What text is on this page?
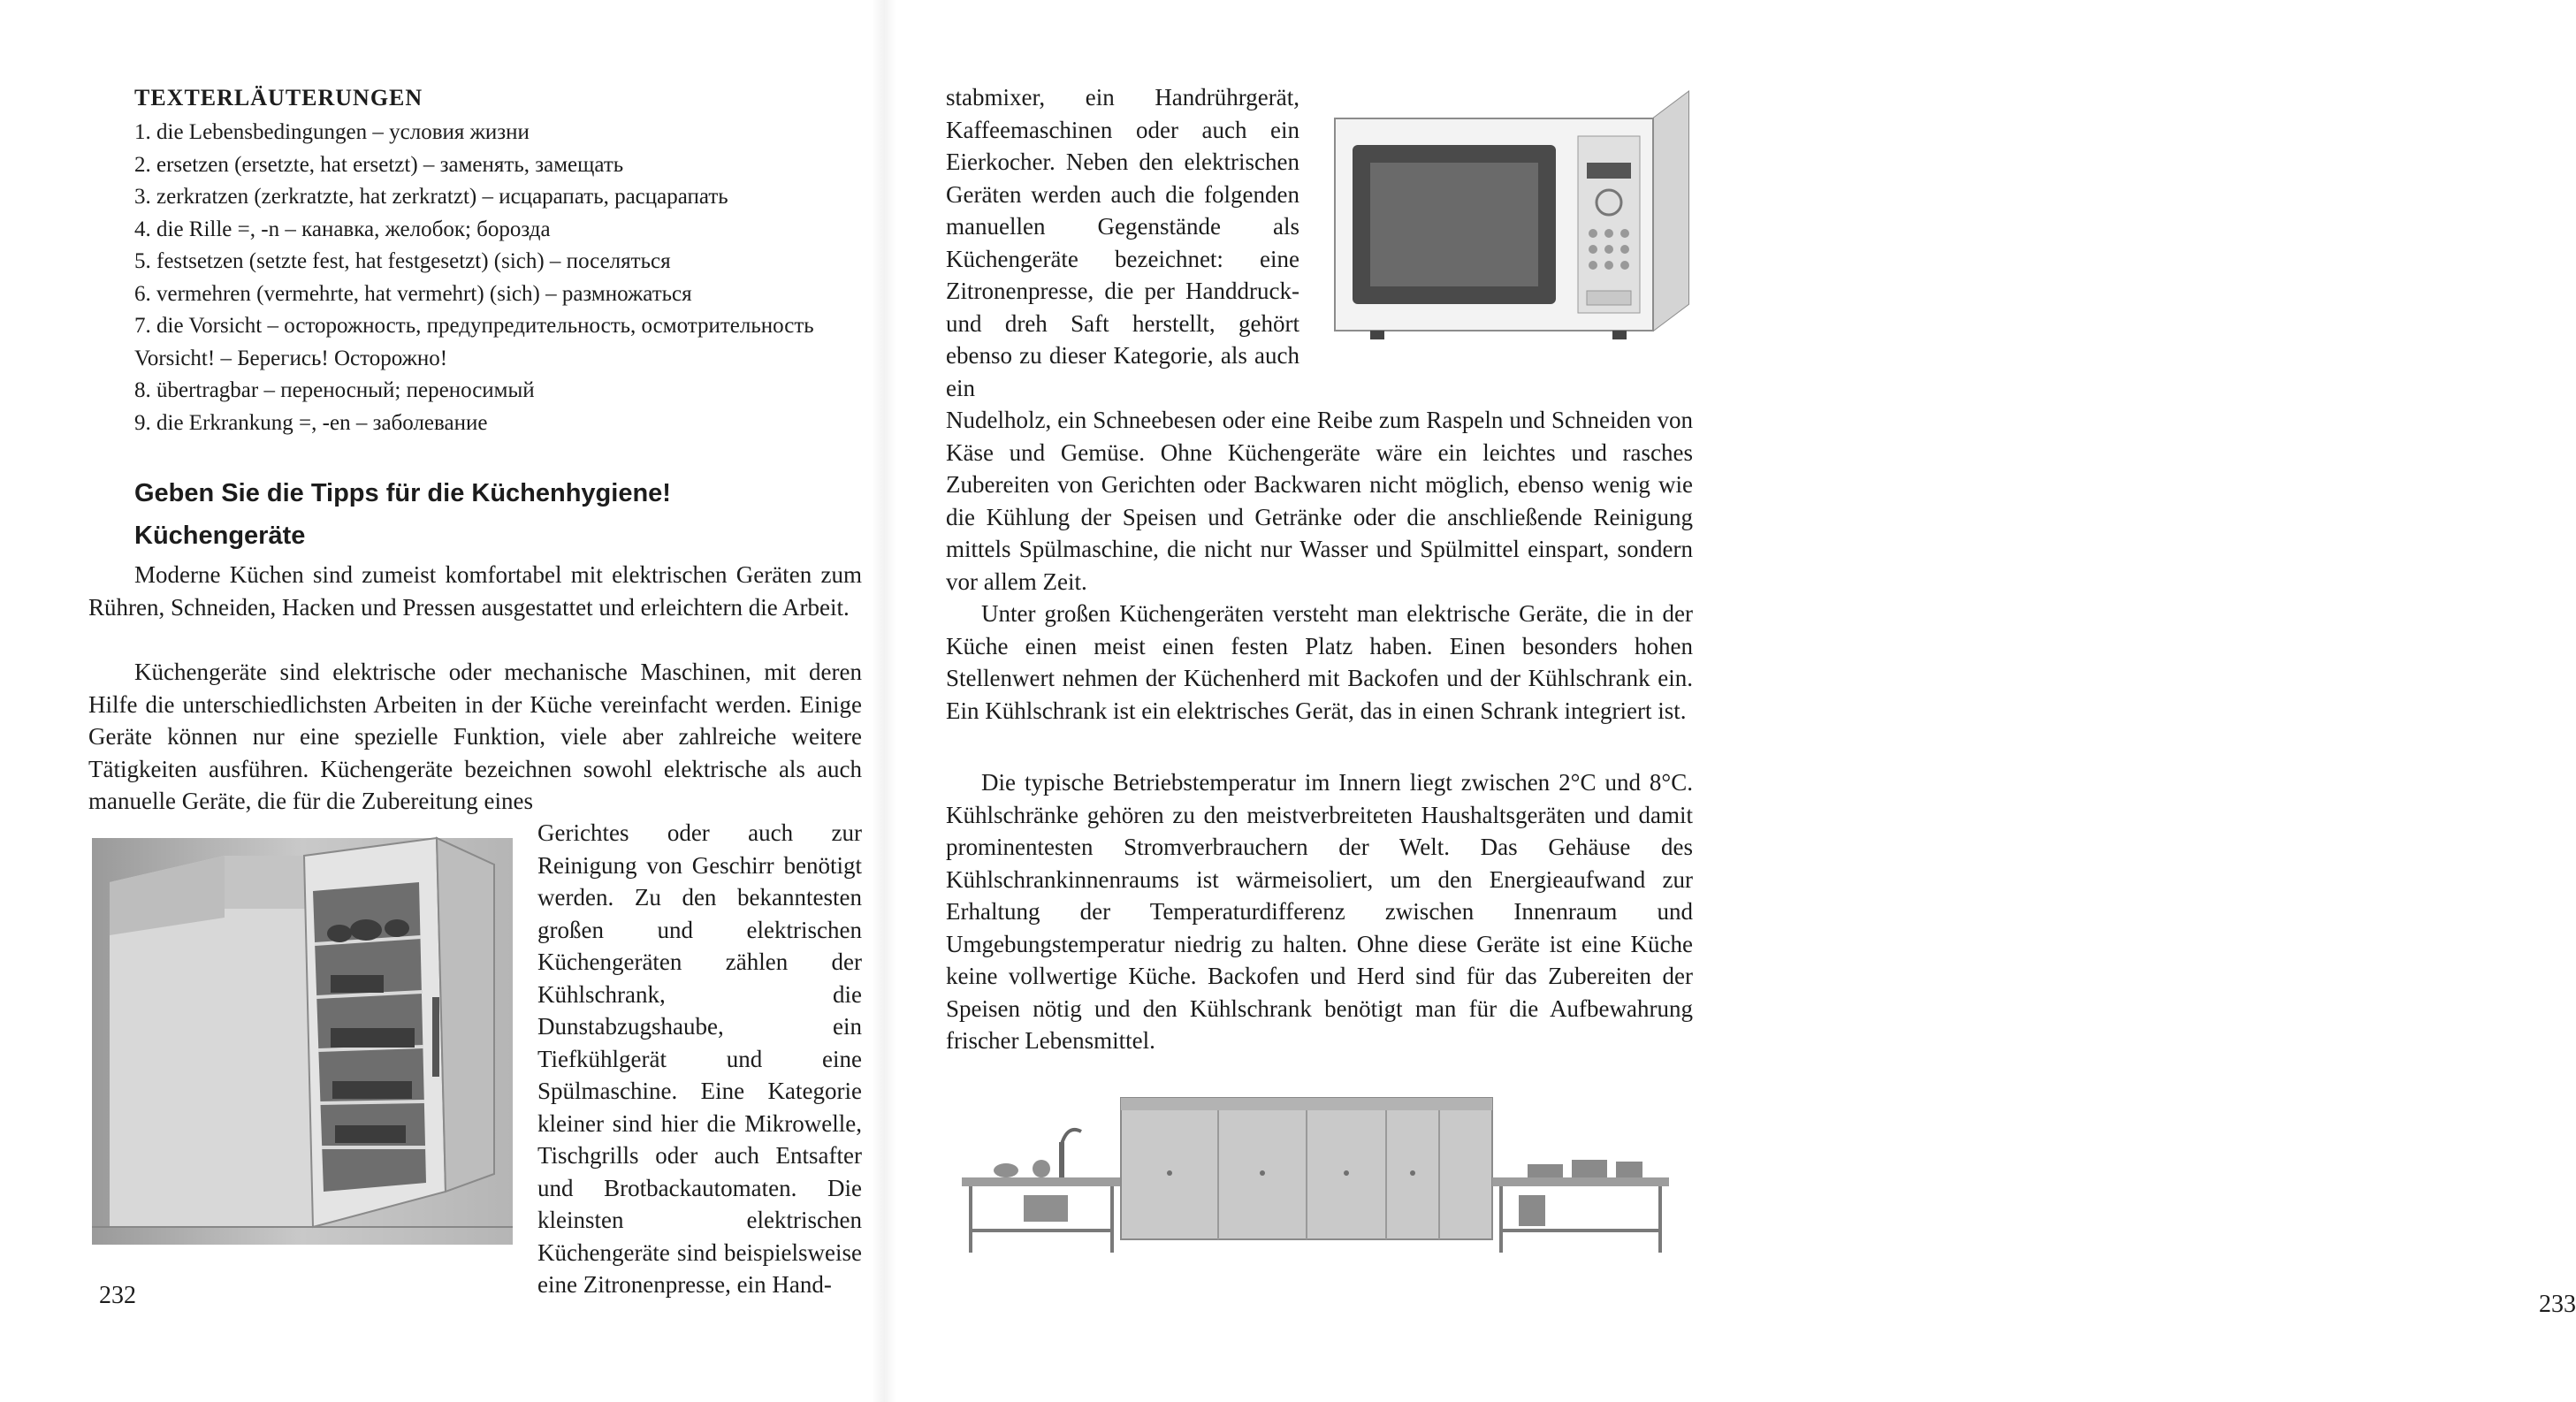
TEXTERLÄUTERUNGEN

1. die Lebensbedingungen – условия жизни

2. ersetzen (ersetzte, hat ersetzt) – заменять, замещать

3. zerkratzen (zerkratzte, hat zerkratzt) – исцарапать, расцарапать

4. die Rille =, -n – канавка, желобок; борозда

5. festsetzen (setzte fest, hat festgesetzt) (sich) – поселяться

6. vermehren (vermehrte, hat vermehrt) (sich) – размножаться

7. die Vorsicht – осторожность, предупредительность, осмотрительность

Vorsicht! – Берегись! Осторожно!

8. übertragbar – переносный; переносимый

9. die Erkrankung =, -en – заболевание

Geben Sie die Tipps für die Küchenhygiene!
Küchengeräte

Moderne Küchen sind zumeist komfortabel mit elektrischen Geräten zum Rühren, Schneiden, Hacken und Pressen ausgestattet und erleichtern die Arbeit.

Küchengeräte sind elektrische oder mechanische Maschinen, mit deren Hilfe die unterschiedlichsten Arbeiten in der Küche vereinfacht werden. Einige Geräte können nur eine spezielle Funktion, viele aber zahlreiche weitere Tätigkeiten ausführen. Küchengeräte bezeichnen sowohl elektrische als auch manuelle Geräte, die für die Zubereitung eines

Gerichtes oder auch zur Reinigung von Geschirr benötigt werden. Zu den bekanntesten großen und elektrischen Küchengeräten zählen der Kühlschrank, die Dunstabzugshaube, ein Tiefkühlgerät und eine Spülmaschine. Eine Kategorie kleiner sind hier die Mikrowelle, Tischgrills oder auch Entsafter und Brotbackautomaten. Die kleinsten elektrischen Küchengeräte sind beispielsweise eine Zitronenpresse, ein Hand-

232

stabmixer, ein Handrührgerät, Kaffeemaschinen oder auch ein Eierkocher. Neben den elektrischen Geräten werden auch die folgenden manuellen Gegenstände als Küchengeräte bezeichnet: eine Zitronenpresse, die per Handdruck- und dreh Saft herstellt, gehört ebenso zu dieser Kategorie, als auch ein

Nudelholz, ein Schneebesen oder eine Reibe zum Raspeln und Schneiden von Käse und Gemüse. Ohne Küchengeräte wäre ein leichtes und rasches Zubereiten von Gerichten oder Backwaren nicht möglich, ebenso wenig wie die Kühlung der Speisen und Getränke oder die anschließende Reinigung mittels Spülmaschine, die nicht nur Wasser und Spülmittel einspart, sondern vor allem Zeit.

Unter großen Küchengeräten versteht man elektrische Geräte, die in der Küche einen meist einen festen Platz haben. Einen besonders hohen Stellenwert nehmen der Küchenherd mit Backofen und der Kühlschrank ein. Ein Kühlschrank ist ein elektrisches Gerät, das in einen Schrank integriert ist.

Die typische Betriebstemperatur im Innern liegt zwischen 2°C und 8°C. Kühlschränke gehören zu den meistverbreiteten Haushaltsgeräten und damit prominentesten Stromverbrauchern der Welt. Das Gehäuse des Kühlschrankinnenraums ist wärmeisoliert, um den Energieaufwand zur Erhaltung der Temperaturdifferenz zwischen Innenraum und Umgebungstemperatur niedrig zu halten. Ohne diese Geräte ist eine Küche keine vollwertige Küche. Backofen und Herd sind für das Zubereiten der Speisen nötig und den Kühlschrank benötigt man für die Aufbewahrung frischer Lebensmittel.

233
